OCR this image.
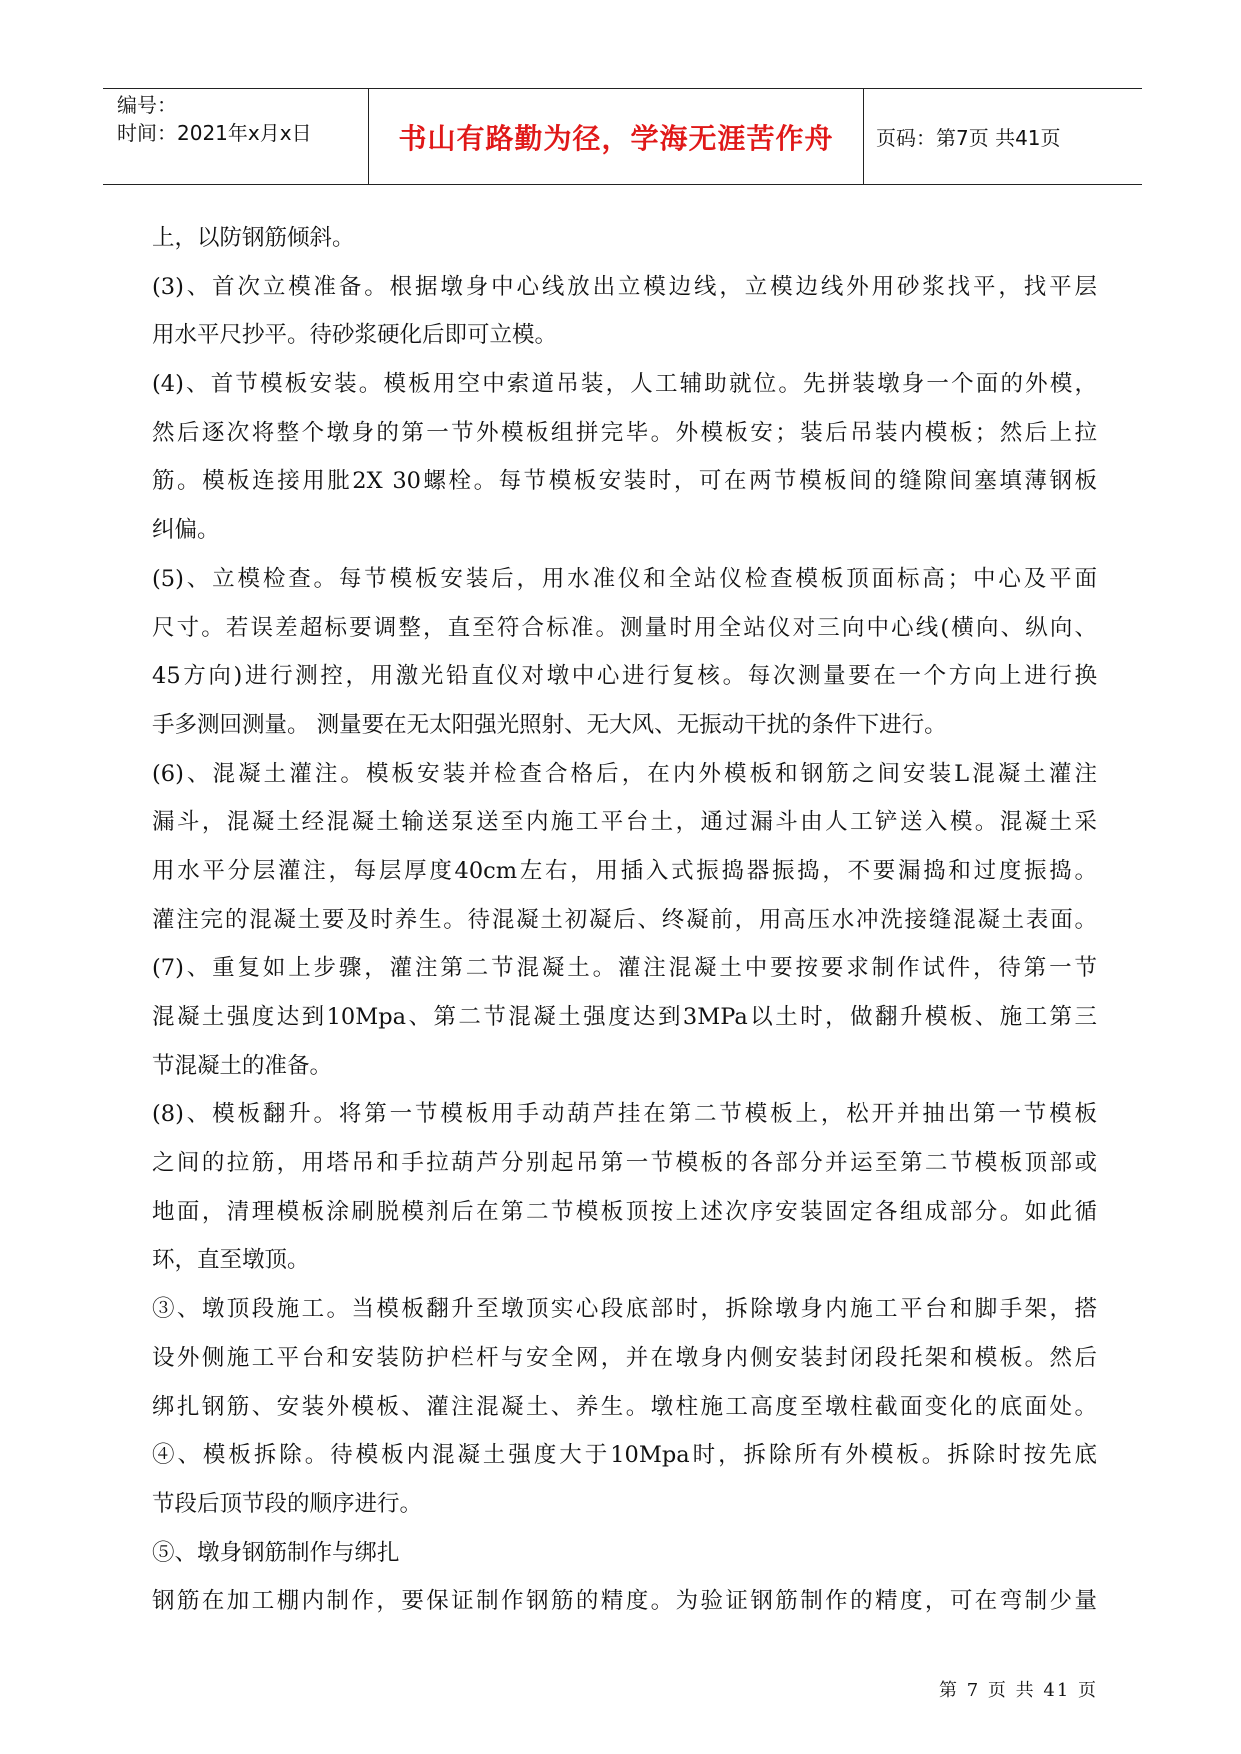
编号：
时间：2021年x月x日	书山有路勤为径，学海无涯苦作舟	页码：第7页 共41页
上，以防钢筋倾斜。
(3)、首次立模准备。根据墩身中心线放出立模边线，立模边线外用砂浆找平，找平层
用水平尺抄平。待砂浆硬化后即可立模。
(4)、首节模板安装。模板用空中索道吊装，人工辅助就位。先拼装墩身一个面的外模，
然后逐次将整个墩身的第一节外模板组拼完毕。外模板安；装后吊装内模板；然后上拉
筋。模板连接用肶2X 30螺栓。每节模板安装时，可在两节模板间的缝隙间塞填薄钢板
纠偏。
(5)、立模检查。每节模板安装后，用水准仪和全站仪检查模板顶面标高；中心及平面
尺寸。若误差超标要调整，直至符合标准。测量时用全站仪对三向中心线(横向、纵向、
45方向)进行测控，用激光铅直仪对墩中心进行复核。每次测量要在一个方向上进行换
手多测回测量。 测量要在无太阳强光照射、无大风、无振动干扰的条件下进行。
(6)、混凝土灌注。模板安装并检查合格后，在内外模板和钢筋之间安装L混凝土灌注
漏斗，混凝土经混凝土输送泵送至内施工平台土，通过漏斗由人工铲送入模。混凝土采
用水平分层灌注，每层厚度40cm左右，用插入式振捣器振捣，不要漏捣和过度振捣。
灌注完的混凝土要及时养生。待混凝土初凝后、终凝前，用高压水冲洗接缝混凝土表面。
(7)、重复如上步骤，灌注第二节混凝土。灌注混凝土中要按要求制作试件，待第一节
混凝土强度达到10Mpa、第二节混凝土强度达到3MPa以土时，做翻升模板、施工第三
节混凝土的准备。
(8)、模板翻升。将第一节模板用手动葫芦挂在第二节模板上，松开并抽出第一节模板
之间的拉筋，用塔吊和手拉葫芦分别起吊第一节模板的各部分并运至第二节模板顶部或
地面，清理模板涂刷脱模剂后在第二节模板顶按上述次序安装固定各组成部分。如此循
环，直至墩顶。
③、墩顶段施工。当模板翻升至墩顶实心段底部时，拆除墩身内施工平台和脚手架，搭
设外侧施工平台和安装防护栏杆与安全网，并在墩身内侧安装封闭段托架和模板。然后
绑扎钢筋、安装外模板、灌注混凝土、养生。墩柱施工高度至墩柱截面变化的底面处。
④、模板拆除。待模板内混凝土强度大于10Mpa时，拆除所有外模板。拆除时按先底
节段后顶节段的顺序进行。
⑤、墩身钢筋制作与绑扎
钢筋在加工棚内制作，要保证制作钢筋的精度。为验证钢筋制作的精度，可在弯制少量
第 7 页 共 41 页
